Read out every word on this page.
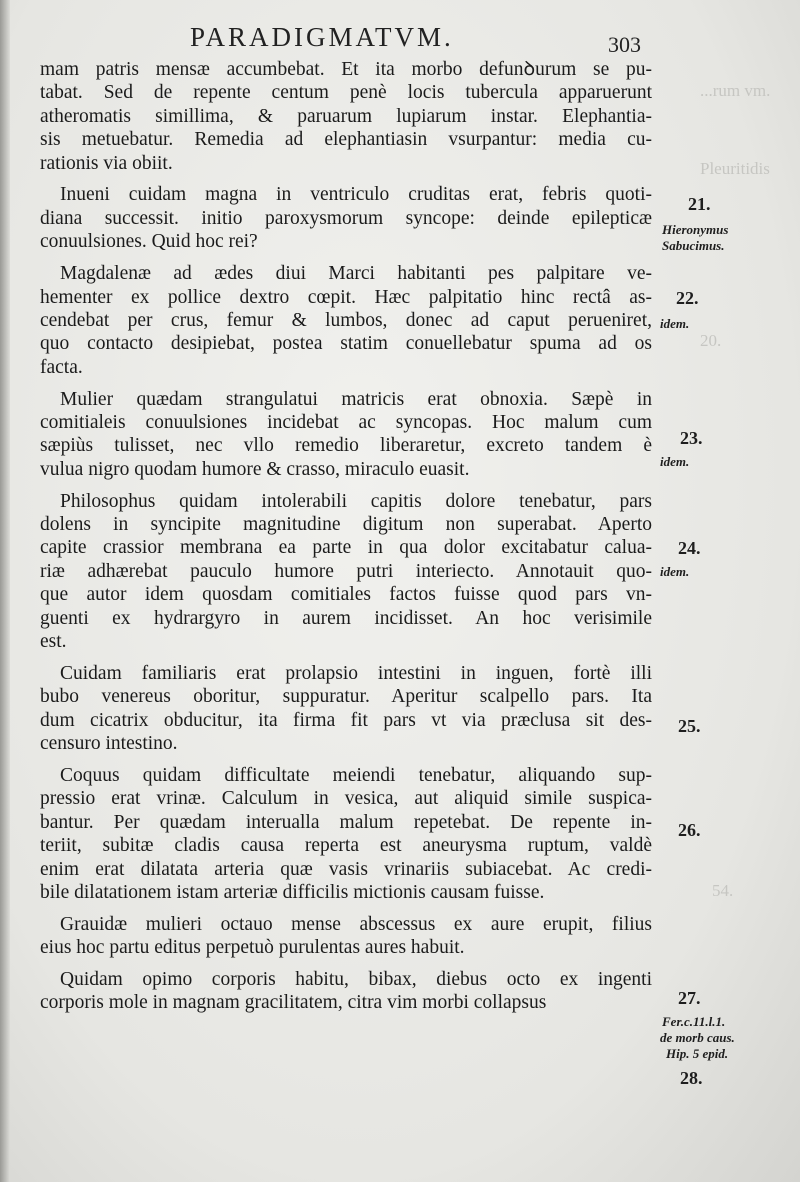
Pleuritidis
...rum vm.
20.
54.
PARADIGMATVM.	303
mam patris mensæ accumbebat. Et ita morbo defunꝺurum se pu-
tabat. Sed de repente centum penè locis tubercula apparuerunt
atheromatis simillima, & paruarum lupiarum instar. Elephantia-
sis metuebatur. Remedia ad elephantiasin vsurpantur: media cu-
rationis via obiit.
Inueni cuidam magna in ventriculo cruditas erat, febris quoti-
diana successit. initio paroxysmorum syncope: deinde epilepticæ
conuulsiones. Quid hoc rei?
Magdalenæ ad ædes diui Marci habitanti pes palpitare ve-
hementer ex pollice dextro cœpit. Hæc palpitatio hinc rectâ as-
cendebat per crus, femur & lumbos, donec ad caput perueniret,
quo contacto desipiebat, postea statim conuellebatur spuma ad os
facta.
Mulier quædam strangulatui matricis erat obnoxia. Sæpè in
comitialeis conuulsiones incidebat ac syncopas. Hoc malum cum
sæpiùs tulisset, nec vllo remedio liberaretur, excreto tandem è
vulua nigro quodam humore & crasso, miraculo euasit.
Philosophus quidam intolerabili capitis dolore tenebatur, pars
dolens in syncipite magnitudine digitum non superabat. Aperto
capite crassior membrana ea parte in qua dolor excitabatur calua-
riæ adhærebat pauculo humore putri interiecto. Annotauit quo-
que autor idem quosdam comitiales factos fuisse quod pars vn-
guenti ex hydrargyro in aurem incidisset. An hoc verisimile
est.
Cuidam familiaris erat prolapsio intestini in inguen, fortè illi
bubo venereus oboritur, suppuratur. Aperitur scalpello pars. Ita
dum cicatrix obducitur, ita firma fit pars vt via præclusa sit des-
censuro intestino.
Coquus quidam difficultate meiendi tenebatur, aliquando sup-
pressio erat vrinæ. Calculum in vesica, aut aliquid simile suspica-
bantur. Per quædam interualla malum repetebat. De repente in-
teriit, subitæ cladis causa reperta est aneurysma ruptum, valdè
enim erat dilatata arteria quæ vasis vrinariis subiacebat. Ac credi-
bile dilatationem istam arteriæ difficilis mictionis causam fuisse.
Grauidæ mulieri octauo mense abscessus ex aure erupit, filius
eius hoc partu editus perpetuò purulentas aures habuit.
Quidam opimo corporis habitu, bibax, diebus octo ex ingenti
corporis mole in magnam gracilitatem, citra vim morbi collapsus
21.
Hieronymus
Sabucimus.
22.
idem.
23.
idem.
24.
idem.
25.
26.
27.
Fer.c.11.l.1.
de morb caus.
Hip. 5 epid.
28.
